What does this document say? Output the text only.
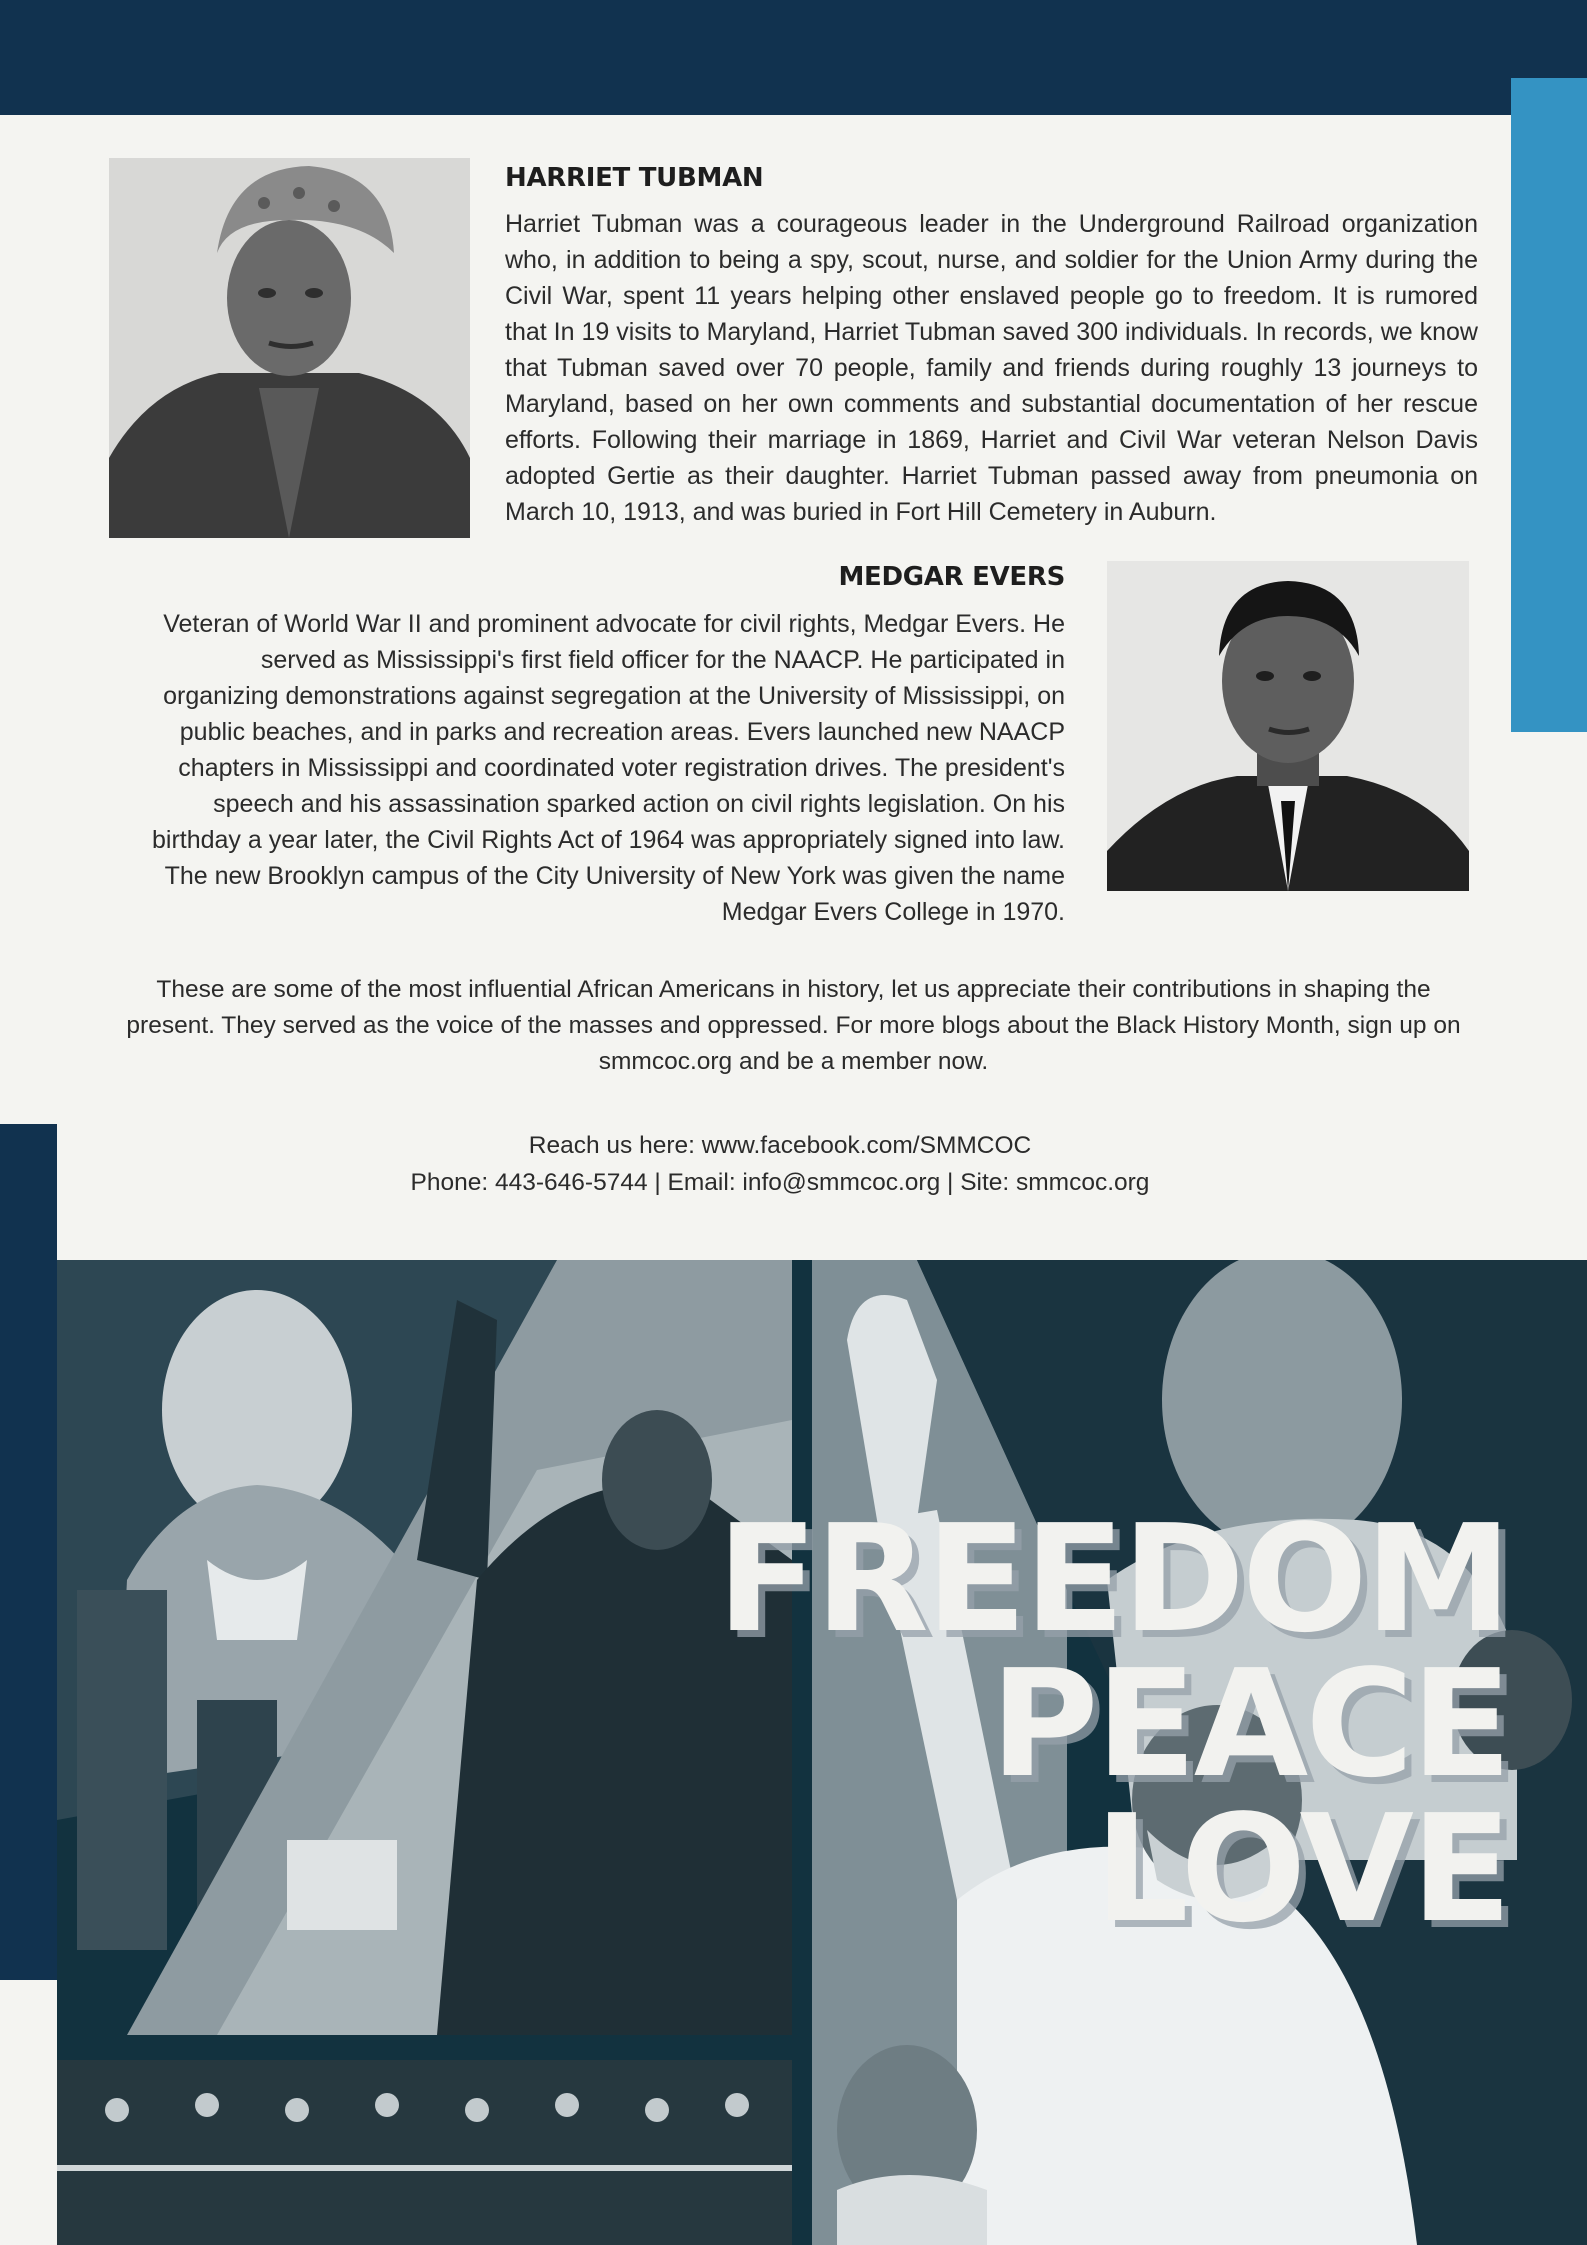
HARRIET TUBMAN
Harriet Tubman was a courageous leader in the Underground Railroad organization who, in addition to being a spy, scout, nurse, and soldier for the Union Army during the Civil War, spent 11 years helping other enslaved people go to freedom. It is rumored that In 19 visits to Maryland, Harriet Tubman saved 300 individuals. In records, we know that Tubman saved over 70 people, family and friends during roughly 13 journeys to Maryland, based on her own comments and substantial documentation of her rescue efforts. Following their marriage in 1869, Harriet and Civil War veteran Nelson Davis adopted Gertie as their daughter. Harriet Tubman passed away from pneumonia on March 10, 1913, and was buried in Fort Hill Cemetery in Auburn.
MEDGAR EVERS
Veteran of World War II and prominent advocate for civil rights, Medgar Evers. He served as Mississippi's first field officer for the NAACP. He participated in organizing demonstrations against segregation at the University of Mississippi, on public beaches, and in parks and recreation areas. Evers launched new NAACP chapters in Mississippi and coordinated voter registration drives. The president's speech and his assassination sparked action on civil rights legislation. On his birthday a year later, the Civil Rights Act of 1964 was appropriately signed into law. The new Brooklyn campus of the City University of New York was given the name Medgar Evers College in 1970.
These are some of the most influential African Americans in history, let us appreciate their contributions in shaping the present. They served as the voice of the masses and oppressed. For more blogs about the Black History Month, sign up on smmcoc.org and be a member now.
Reach us here: www.facebook.com/SMMCOC
Phone: 443-646-5744 | Email: info@smmcoc.org | Site: smmcoc.org
FREEDOM
PEACE
LOVE
